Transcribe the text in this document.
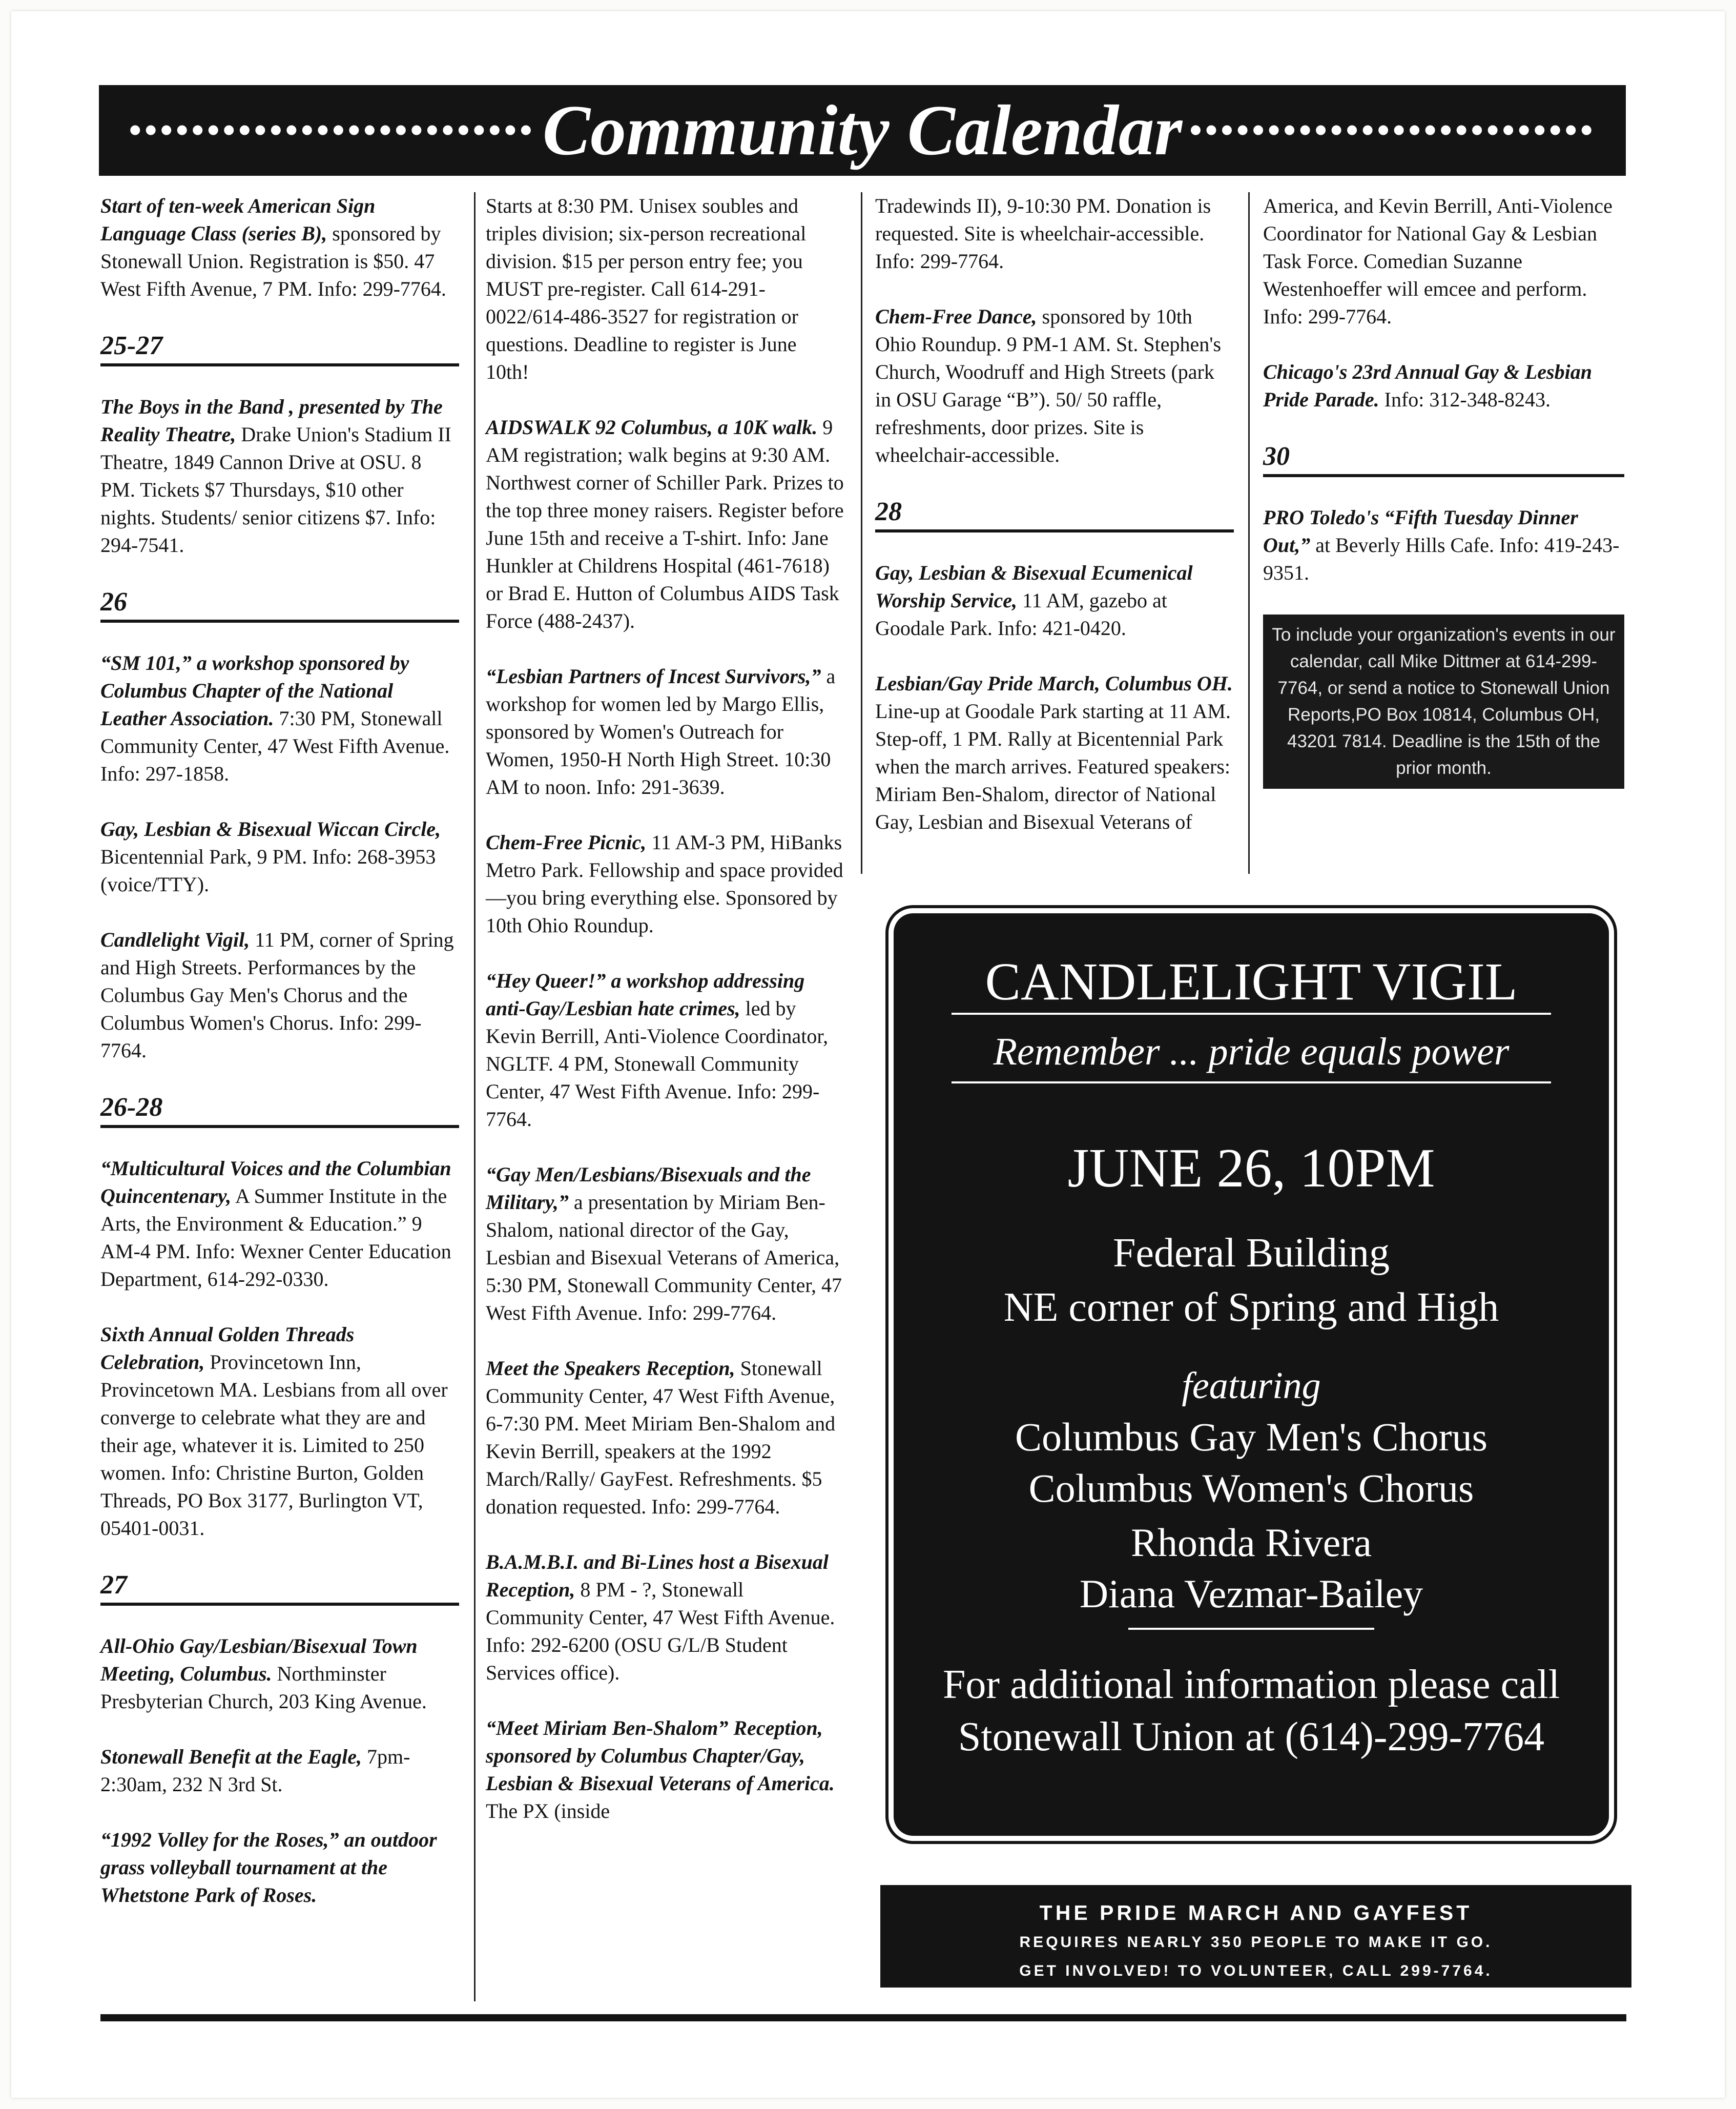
•••••••••••••••••••••••••• Community Calendar ••••••••••••••••••••••••••
Start of ten-week American Sign Language Class (series B), sponsored by Stonewall Union. Registration is $50. 47 West Fifth Avenue, 7 PM. Info: 299-7764.
25-27
The Boys in the Band , presented by The Reality Theatre, Drake Union's Stadium II Theatre, 1849 Cannon Drive at OSU. 8 PM. Tickets $7 Thursdays, $10 other nights. Students/ senior citizens $7. Info: 294-7541.
26
“SM 101,” a workshop sponsored by Columbus Chapter of the National Leather Association. 7:30 PM, Stonewall Community Center, 47 West Fifth Avenue. Info: 297-1858.
Gay, Lesbian & Bisexual Wiccan Circle, Bicentennial Park, 9 PM. Info: 268-3953 (voice/TTY).
Candlelight Vigil, 11 PM, corner of Spring and High Streets. Performances by the Columbus Gay Men's Chorus and the Columbus Women's Chorus. Info: 299-7764.
26-28
“Multicultural Voices and the Columbian Quincentenary, A Summer Institute in the Arts, the Environment & Education.” 9 AM-4 PM. Info: Wexner Center Education Department, 614-292-0330.
Sixth Annual Golden Threads Celebration, Provincetown Inn, Provincetown MA. Lesbians from all over converge to celebrate what they are and their age, whatever it is. Limited to 250 women. Info: Christine Burton, Golden Threads, PO Box 3177, Burlington VT, 05401-0031.
27
All-Ohio Gay/Lesbian/Bisexual Town Meeting, Columbus. Northminster Presbyterian Church, 203 King Avenue.
Stonewall Benefit at the Eagle, 7pm-2:30am, 232 N 3rd St.
“1992 Volley for the Roses,” an outdoor grass volleyball tournament at the Whetstone Park of Roses.
Starts at 8:30 PM. Unisex soubles and triples division; six-person recreational division. $15 per person entry fee; you MUST pre-register. Call 614-291-0022/614-486-3527 for registration or questions. Deadline to register is June 10th!
AIDSWALK 92 Columbus, a 10K walk. 9 AM registration; walk begins at 9:30 AM. Northwest corner of Schiller Park. Prizes to the top three money raisers. Register before June 15th and receive a T-shirt. Info: Jane Hunkler at Childrens Hospital (461-7618) or Brad E. Hutton of Columbus AIDS Task Force (488-2437).
“Lesbian Partners of Incest Survivors,” a workshop for women led by Margo Ellis, sponsored by Women's Outreach for Women, 1950-H North High Street. 10:30 AM to noon. Info: 291-3639.
Chem-Free Picnic, 11 AM-3 PM, HiBanks Metro Park. Fellowship and space provided—you bring everything else. Sponsored by 10th Ohio Roundup.
“Hey Queer!” a workshop addressing anti-Gay/Lesbian hate crimes, led by Kevin Berrill, Anti-Violence Coordinator, NGLTF. 4 PM, Stonewall Community Center, 47 West Fifth Avenue. Info: 299-7764.
“Gay Men/Lesbians/Bisexuals and the Military,” a presentation by Miriam Ben-Shalom, national director of the Gay, Lesbian and Bisexual Veterans of America, 5:30 PM, Stonewall Community Center, 47 West Fifth Avenue. Info: 299-7764.
Meet the Speakers Reception, Stonewall Community Center, 47 West Fifth Avenue, 6-7:30 PM. Meet Miriam Ben-Shalom and Kevin Berrill, speakers at the 1992 March/Rally/ GayFest. Refreshments. $5 donation requested. Info: 299-7764.
B.A.M.B.I. and Bi-Lines host a Bisexual Reception, 8 PM - ?, Stonewall Community Center, 47 West Fifth Avenue. Info: 292-6200 (OSU G/L/B Student Services office).
“Meet Miriam Ben-Shalom” Reception, sponsored by Columbus Chapter/Gay, Lesbian & Bisexual Veterans of America. The PX (inside
Tradewinds II), 9-10:30 PM. Donation is requested. Site is wheelchair-accessible. Info: 299-7764.
Chem-Free Dance, sponsored by 10th Ohio Roundup. 9 PM-1 AM. St. Stephen's Church, Woodruff and High Streets (park in OSU Garage “B”). 50/ 50 raffle, refreshments, door prizes. Site is wheelchair-accessible.
28
Gay, Lesbian & Bisexual Ecumenical Worship Service, 11 AM, gazebo at Goodale Park. Info: 421-0420.
Lesbian/Gay Pride March, Columbus OH. Line-up at Goodale Park starting at 11 AM. Step-off, 1 PM. Rally at Bicentennial Park when the march arrives. Featured speakers: Miriam Ben-Shalom, director of National Gay, Lesbian and Bisexual Veterans of
America, and Kevin Berrill, Anti-Violence Coordinator for National Gay & Lesbian Task Force. Comedian Suzanne Westenhoeffer will emcee and perform. Info: 299-7764.
Chicago's 23rd Annual Gay & Lesbian Pride Parade. Info: 312-348-8243.
30
PRO Toledo's “Fifth Tuesday Dinner Out,” at Beverly Hills Cafe. Info: 419-243-9351.
To include your organization's events in our calendar, call Mike Dittmer at 614-299-7764, or send a notice to Stonewall Union Reports,PO Box 10814, Columbus OH, 43201 7814. Deadline is the 15th of the prior month.
CANDLELIGHT VIGIL
Remember ... pride equals power
JUNE 26, 10PM
Federal Building
NE corner of Spring and High
featuring
Columbus Gay Men's Chorus
Columbus Women's Chorus
Rhonda Rivera
Diana Vezmar-Bailey
For additional information please call
Stonewall Union at (614)-299-7764
THE PRIDE MARCH AND GAYFEST
REQUIRES NEARLY 350 PEOPLE TO MAKE IT GO.
GET INVOLVED! TO VOLUNTEER, CALL 299-7764.
